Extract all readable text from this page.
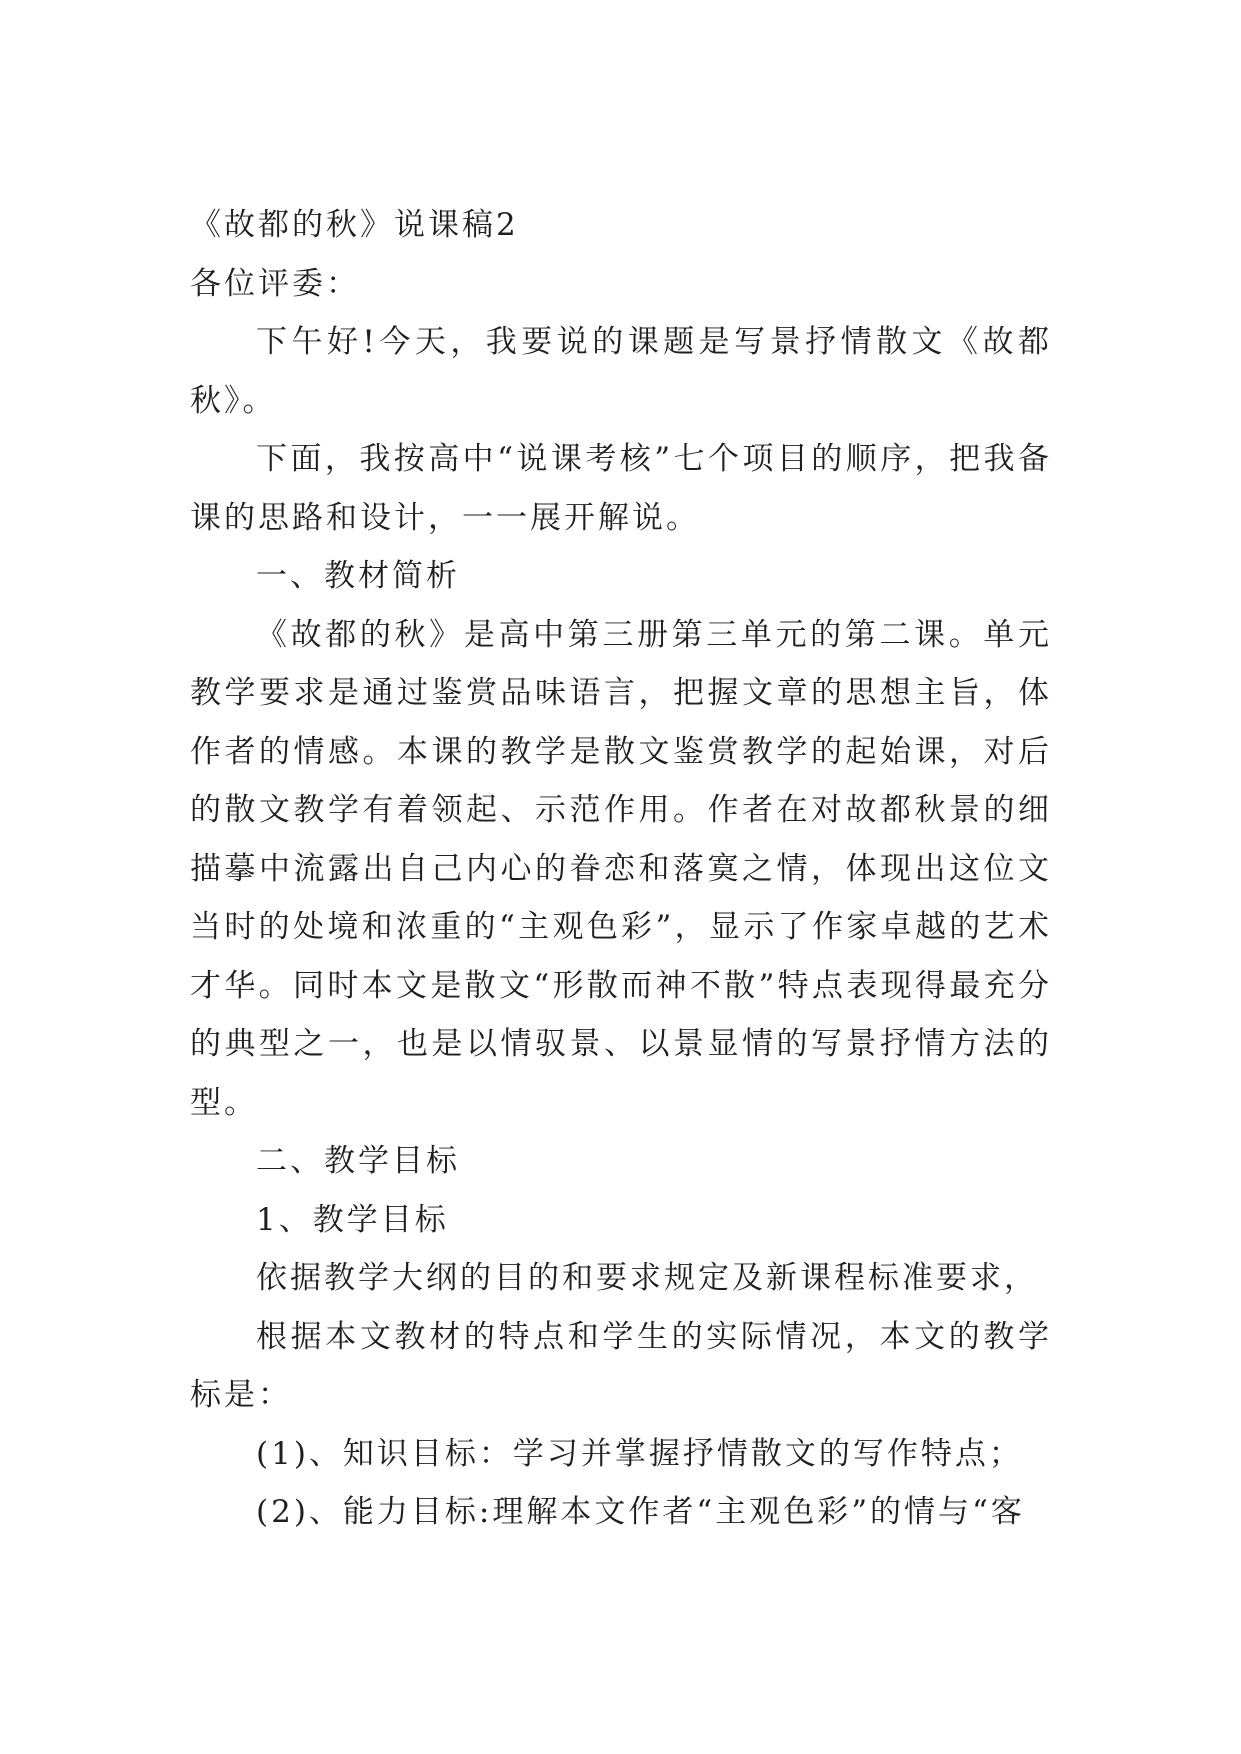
《故都的秋》说课稿2
各位评委：
下午好!今天，我要说的课题是写景抒情散文《故都
秋》。
下面，我按高中“说课考核”七个项目的顺序，把我备
课的思路和设计，一一展开解说。
一、教材简析
《故都的秋》是高中第三册第三单元的第二课。单元
教学要求是通过鉴赏品味语言，把握文章的思想主旨，体
作者的情感。本课的教学是散文鉴赏教学的起始课，对后
的散文教学有着领起、示范作用。作者在对故都秋景的细
描摹中流露出自己内心的眷恋和落寞之情，体现出这位文
当时的处境和浓重的“主观色彩”，显示了作家卓越的艺术
才华。同时本文是散文“形散而神不散”特点表现得最充分
的典型之一，也是以情驭景、以景显情的写景抒情方法的
型。
二、教学目标
1、教学目标
依据教学大纲的目的和要求规定及新课程标准要求，
根据本文教材的特点和学生的实际情况，本文的教学
标是：
(1)、知识目标：学习并掌握抒情散文的写作特点；
(2)、能力目标:理解本文作者“主观色彩”的情与“客
